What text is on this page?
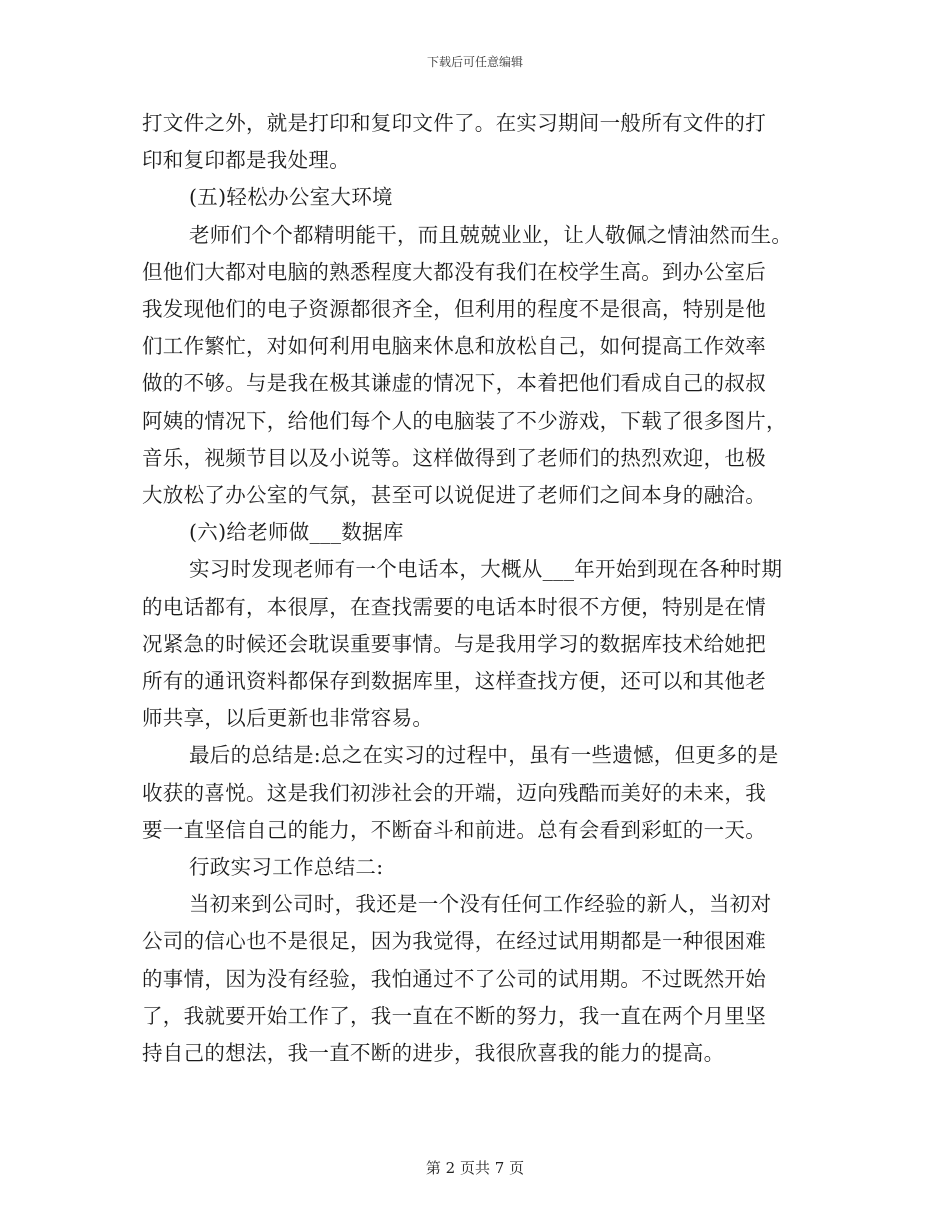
下载后可任意编辑
打文件之外，就是打印和复印文件了。在实习期间一般所有文件的打
印和复印都是我处理。
(五)轻松办公室大环境
老师们个个都精明能干，而且兢兢业业，让人敬佩之情油然而生。
但他们大都对电脑的熟悉程度大都没有我们在校学生高。到办公室后
我发现他们的电子资源都很齐全，但利用的程度不是很高，特别是他
们工作繁忙，对如何利用电脑来休息和放松自己，如何提高工作效率
做的不够。与是我在极其谦虚的情况下，本着把他们看成自己的叔叔
阿姨的情况下，给他们每个人的电脑装了不少游戏，下载了很多图片，
音乐，视频节目以及小说等。这样做得到了老师们的热烈欢迎，也极
大放松了办公室的气氛，甚至可以说促进了老师们之间本身的融洽。
(六)给老师做___数据库
实习时发现老师有一个电话本，大概从___年开始到现在各种时期
的电话都有，本很厚，在查找需要的电话本时很不方便，特别是在情
况紧急的时候还会耽误重要事情。与是我用学习的数据库技术给她把
所有的通讯资料都保存到数据库里，这样查找方便，还可以和其他老
师共享，以后更新也非常容易。
最后的总结是:总之在实习的过程中，虽有一些遗憾，但更多的是
收获的喜悦。这是我们初涉社会的开端，迈向残酷而美好的未来，我
要一直坚信自己的能力，不断奋斗和前进。总有会看到彩虹的一天。
行政实习工作总结二:
当初来到公司时，我还是一个没有任何工作经验的新人，当初对
公司的信心也不是很足，因为我觉得，在经过试用期都是一种很困难
的事情，因为没有经验，我怕通过不了公司的试用期。不过既然开始
了，我就要开始工作了，我一直在不断的努力，我一直在两个月里坚
持自己的想法，我一直不断的进步，我很欣喜我的能力的提高。
第 2 页共 7 页
